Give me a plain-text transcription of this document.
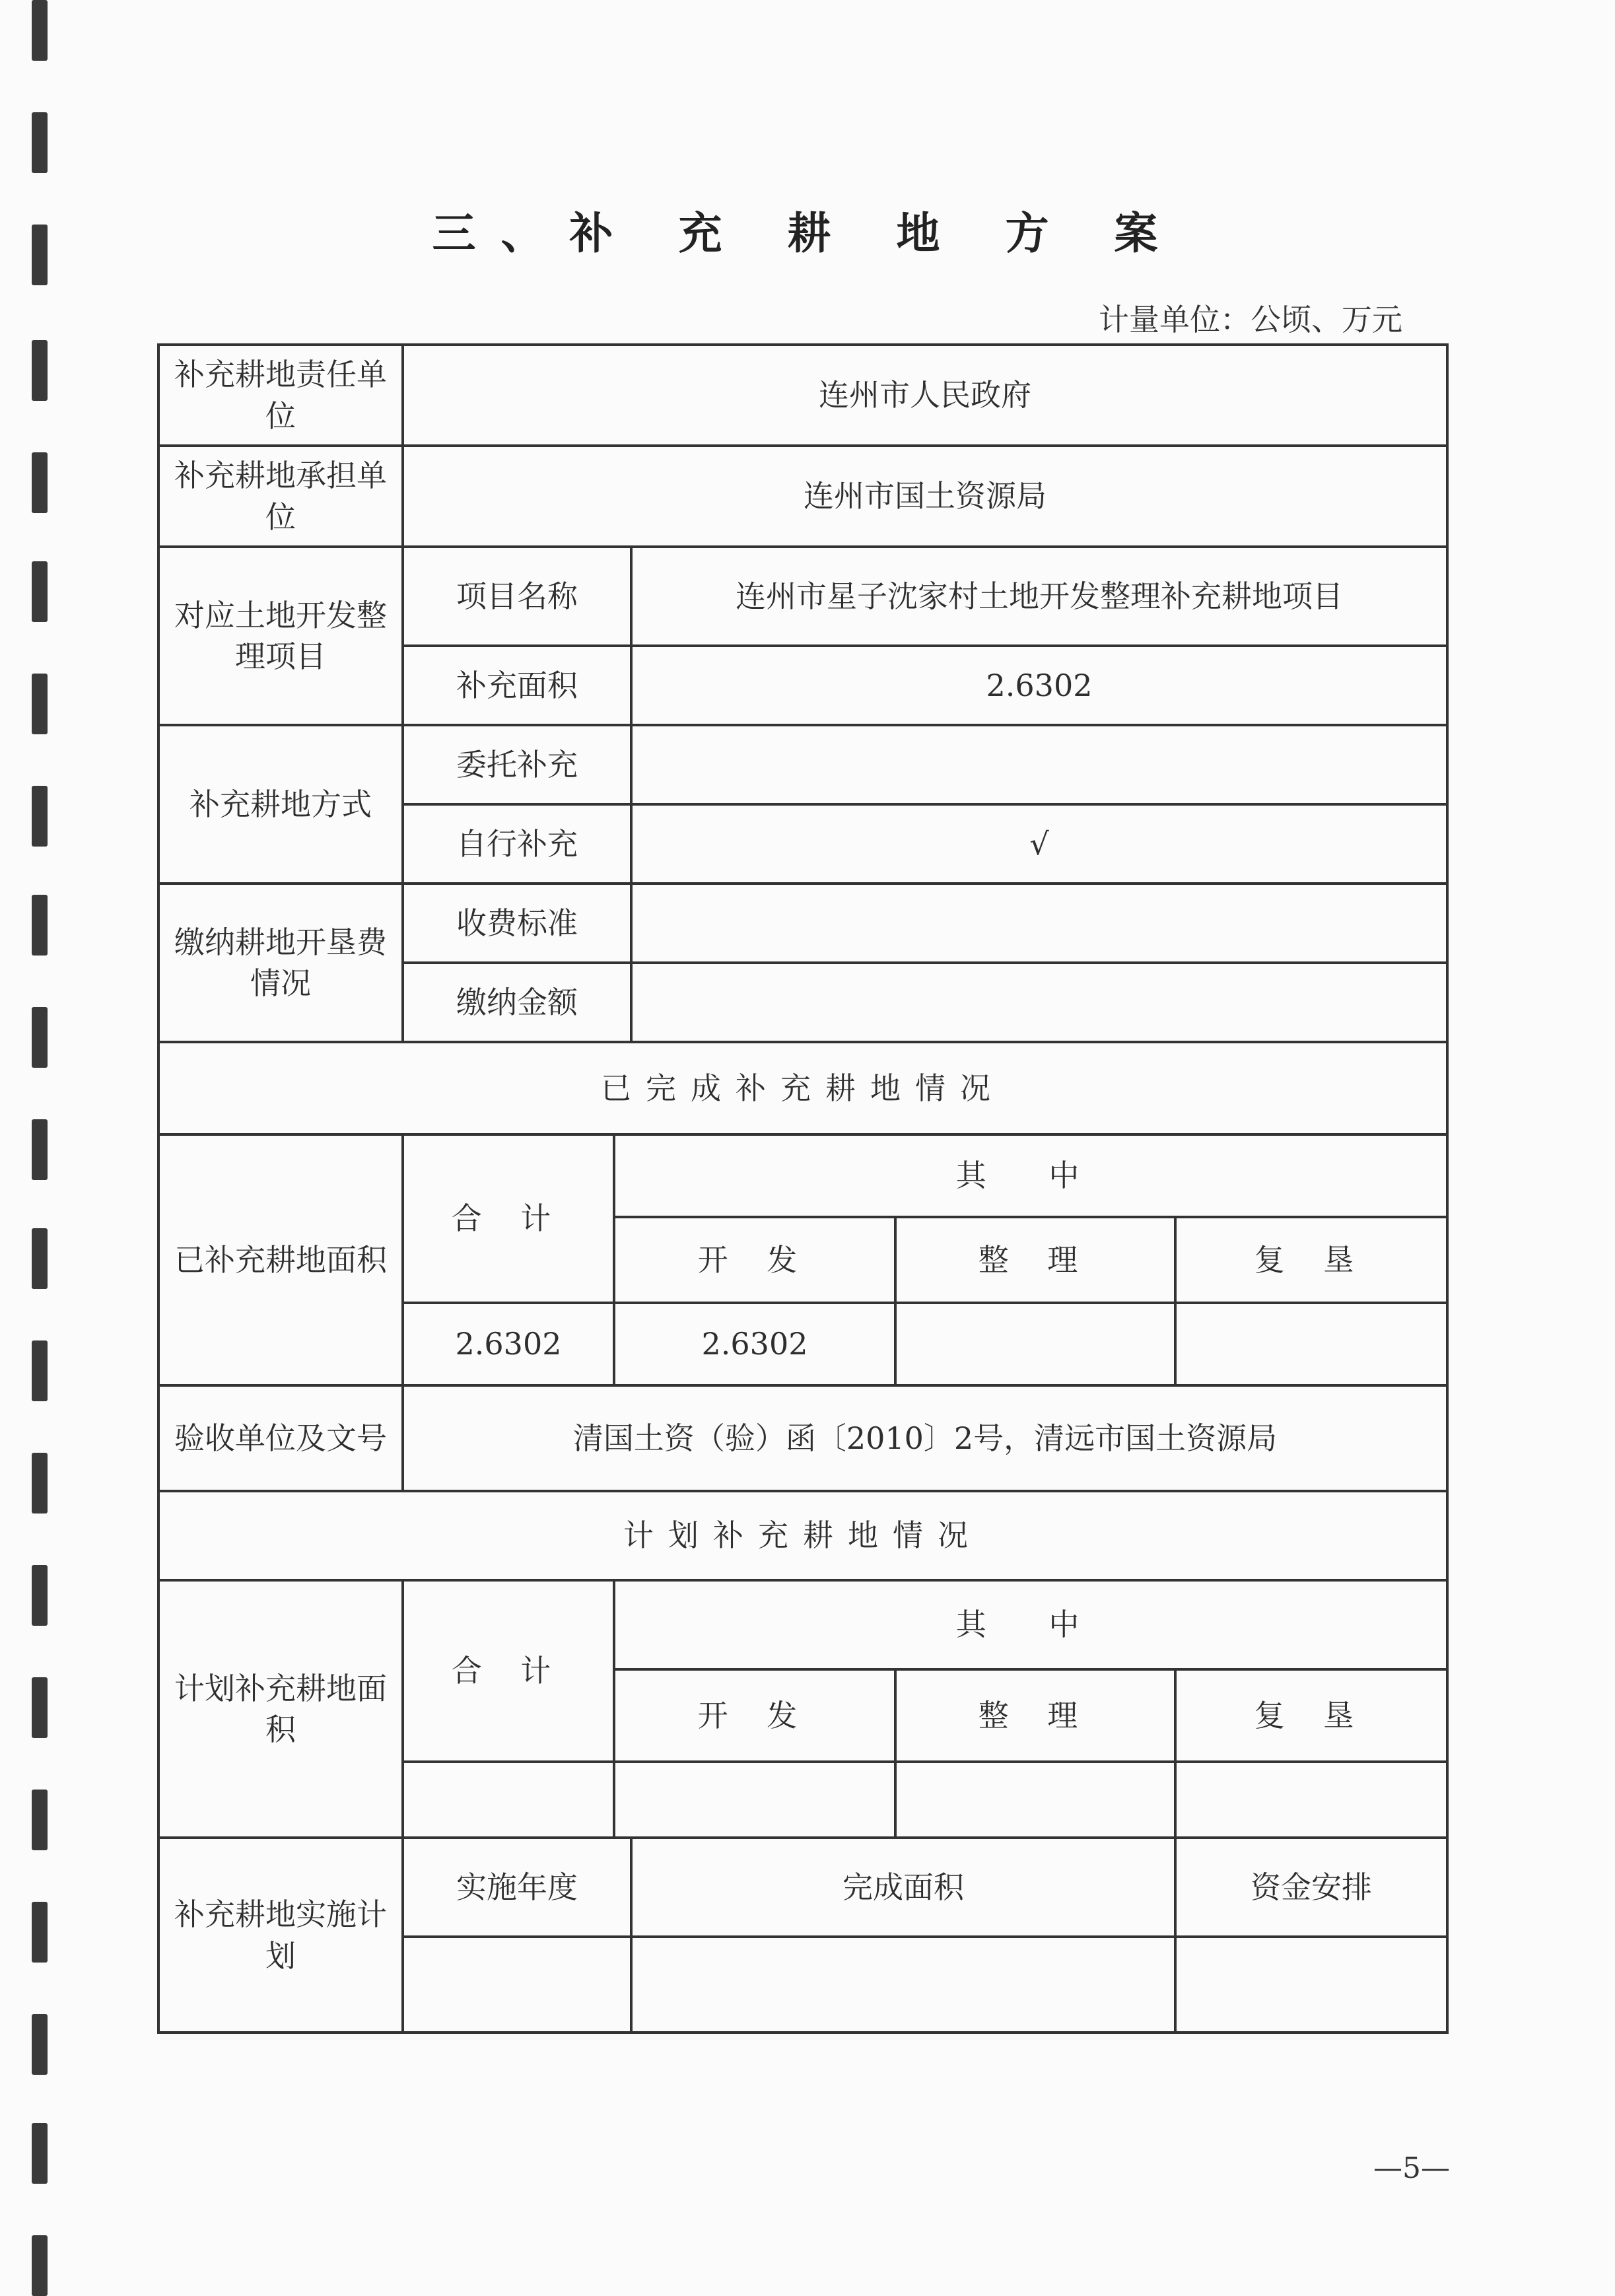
三、补 充 耕 地 方 案
计量单位：公顷、万元
补充耕地责任单位	连州市人民政府				
补充耕地承担单位	连州市国土资源局				
对应土地开发整理项目	项目名称		连州市星子沈家村土地开发整理补充耕地项目		
	补充面积		2.6302		
补充耕地方式	委托补充				
	自行补充		√		
缴纳耕地开垦费情况	收费标准				
	缴纳金额				
已完成补充耕地情况					
已补充耕地面积	合 计	其 中			
		开 发		整 理	复 垦
	2.6302	2.6302			
验收单位及文号	清国土资（验）函〔2010〕2号，清远市国土资源局				
计划补充耕地情况					
计划补充耕地面积	合 计	其 中			
		开 发		整 理	复 垦

补充耕地实施计划	实施年度		完成面积		资金安排

—5—
